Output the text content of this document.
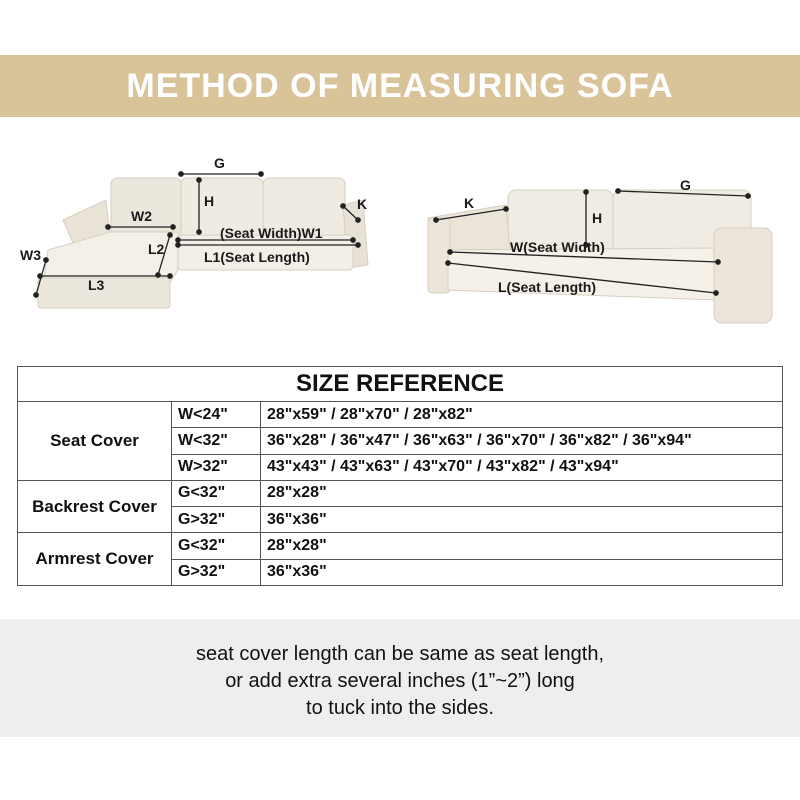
METHOD OF MEASURING SOFA
G
H
W2
(Seat Width)W1
L1(Seat Length)
L2
W3
L3
K
G
H
K
W(Seat Width)
L(Seat Length)
SIZE REFERENCE		
Seat Cover	W<24"	28"x59" / 28"x70" / 28"x82"
	W<32"	36"x28" / 36"x47" / 36"x63" / 36"x70" / 36"x82" / 36"x94"
	W>32"	43"x43" / 43"x63" / 43"x70" / 43"x82" / 43"x94"
Backrest Cover	G<32"	28"x28"
	G>32"	36"x36"
Armrest Cover	G<32"	28"x28"
	G>32"	36"x36"
seat cover length can be same as seat length,
or add extra several inches (1”~2”) long
to tuck into the sides.
